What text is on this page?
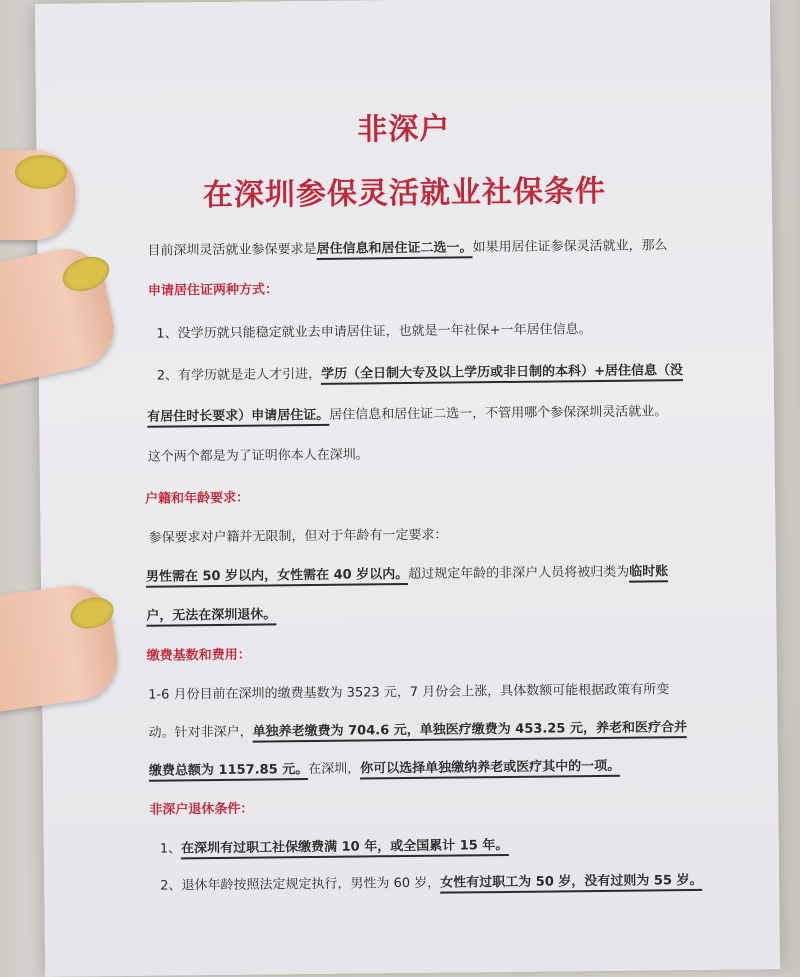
非深户
在深圳参保灵活就业社保条件
目前深圳灵活就业参保要求是居住信息和居住证二选一。如果用居住证参保灵活就业，那么
申请居住证两种方式：
1、没学历就只能稳定就业去申请居住证，也就是一年社保+一年居住信息。
2、有学历就是走人才引进，学历（全日制大专及以上学历或非日制的本科）+居住信息（没
有居住时长要求）申请居住证。居住信息和居住证二选一，不管用哪个参保深圳灵活就业。
这个两个都是为了证明你本人在深圳。
户籍和年龄要求：
参保要求对户籍并无限制，但对于年龄有一定要求：
男性需在 50 岁以内，女性需在 40 岁以内。超过规定年龄的非深户人员将被归类为临时账
户，无法在深圳退休。
缴费基数和费用：
1-6 月份目前在深圳的缴费基数为 3523 元，7 月份会上涨，具体数额可能根据政策有所变
动。针对非深户，单独养老缴费为 704.6 元，单独医疗缴费为 453.25 元，养老和医疗合并
缴费总额为 1157.85 元。在深圳，你可以选择单独缴纳养老或医疗其中的一项。
非深户退休条件：
1、在深圳有过职工社保缴费满 10 年，或全国累计 15 年。
2、退休年龄按照法定规定执行，男性为 60 岁，女性有过职工为 50 岁，没有过则为 55 岁。
